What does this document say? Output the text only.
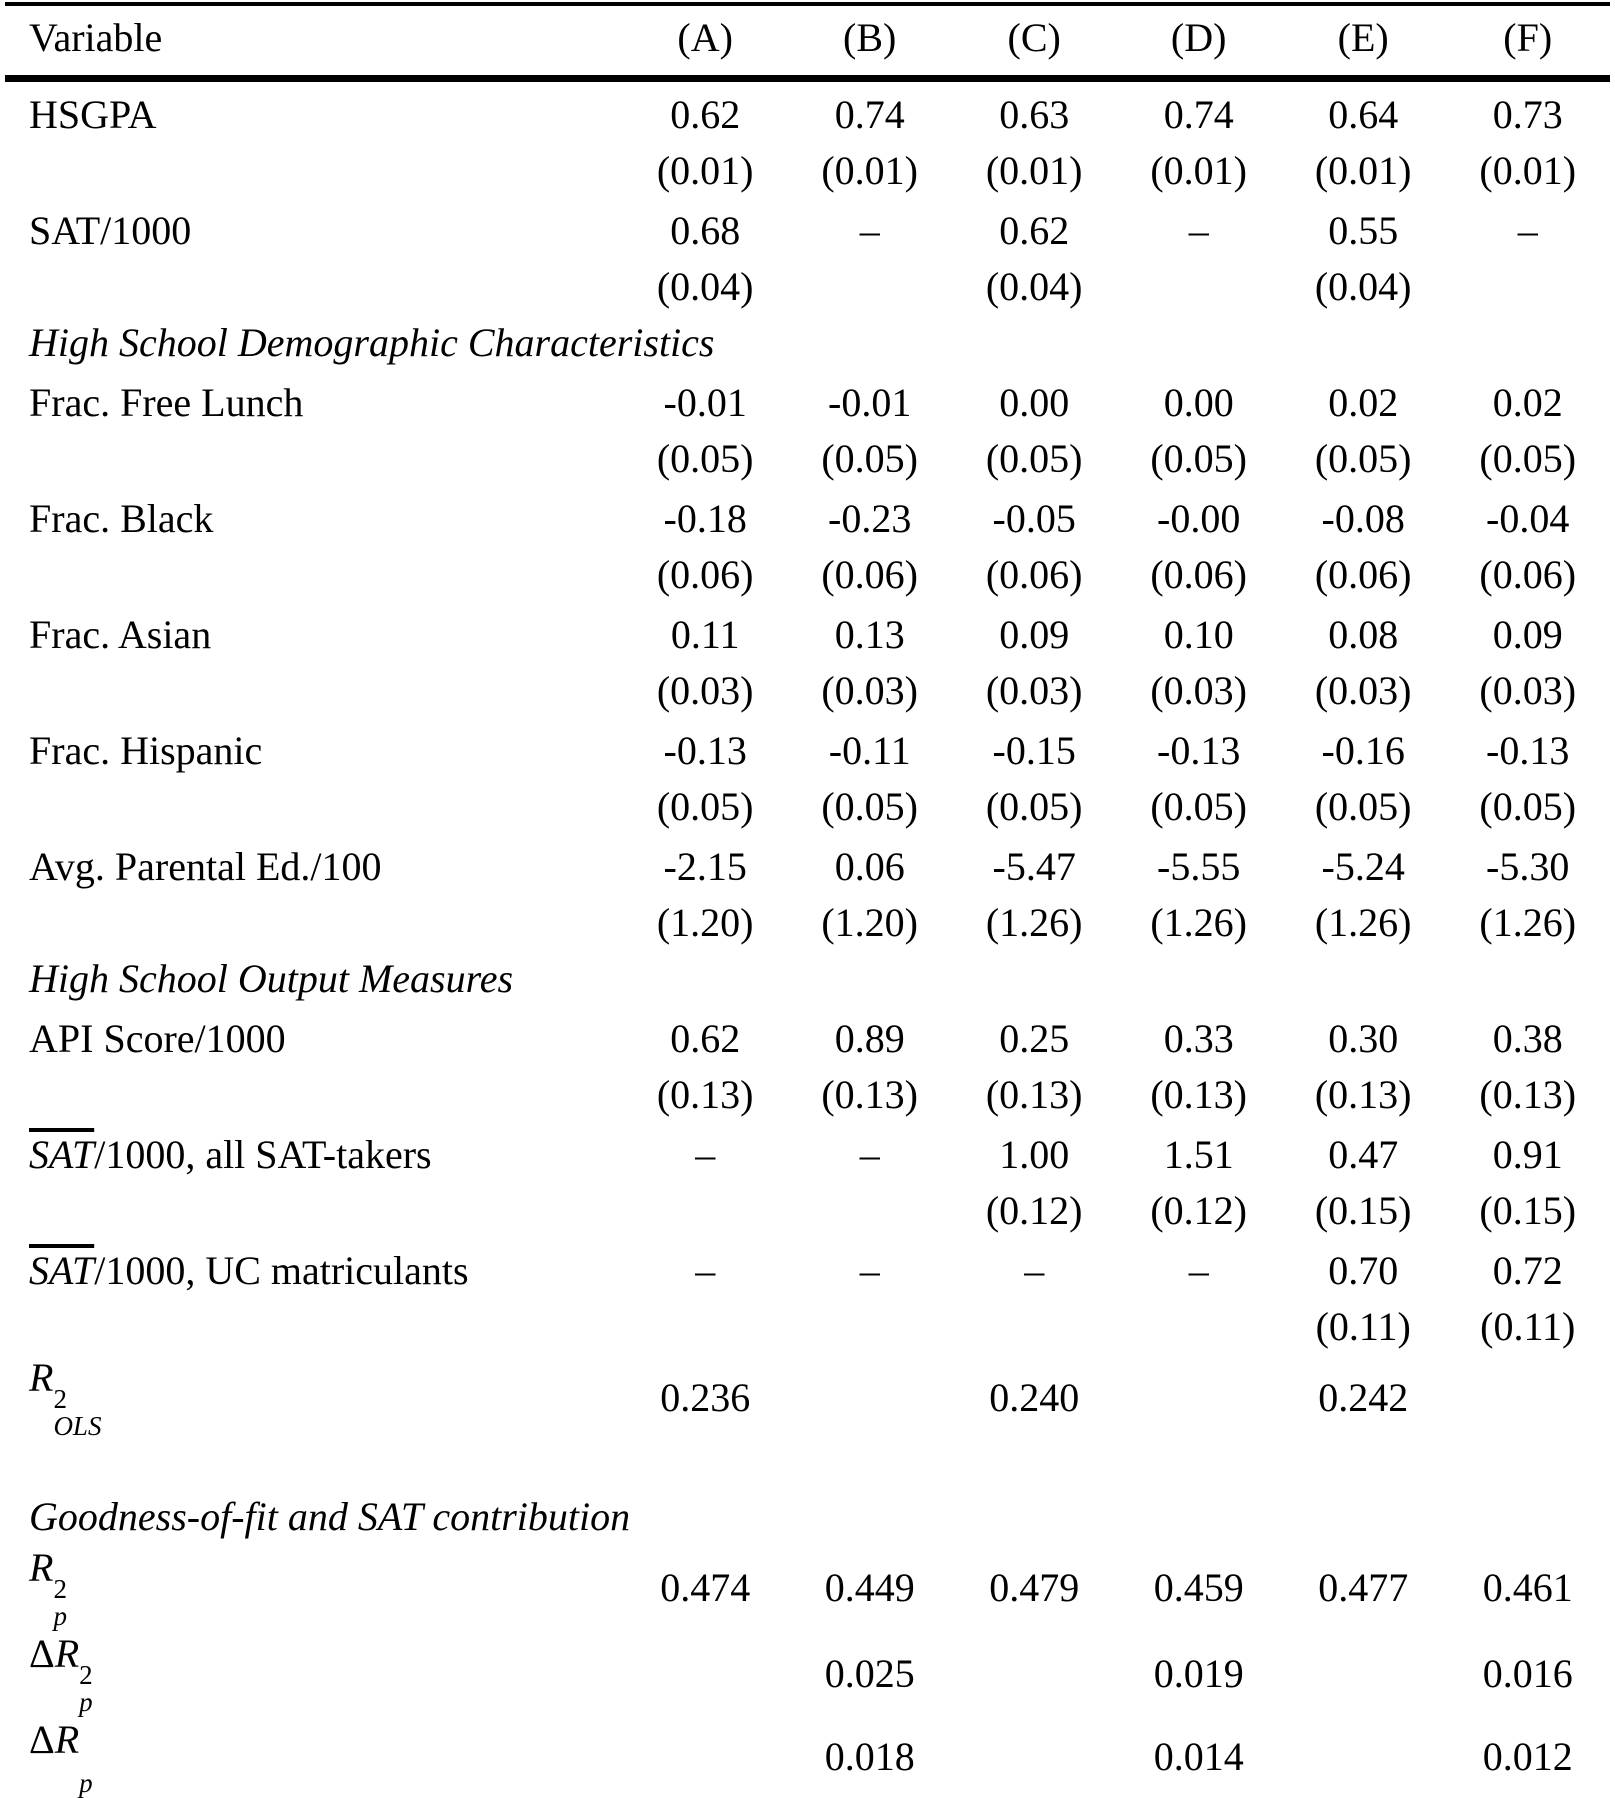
Variable	(A)	(B)	(C)	(D)	(E)	(F)
HSGPA	0.62	0.74	0.63	0.74	0.64	0.73
	(0.01)	(0.01)	(0.01)	(0.01)	(0.01)	(0.01)
SAT/1000	0.68	–	0.62	–	0.55	–
	(0.04)		(0.04)		(0.04)	
High School Demographic Characteristics						
Frac. Free Lunch	-0.01	-0.01	0.00	0.00	0.02	0.02
	(0.05)	(0.05)	(0.05)	(0.05)	(0.05)	(0.05)
Frac. Black	-0.18	-0.23	-0.05	-0.00	-0.08	-0.04
	(0.06)	(0.06)	(0.06)	(0.06)	(0.06)	(0.06)
Frac. Asian	0.11	0.13	0.09	0.10	0.08	0.09
	(0.03)	(0.03)	(0.03)	(0.03)	(0.03)	(0.03)
Frac. Hispanic	-0.13	-0.11	-0.15	-0.13	-0.16	-0.13
	(0.05)	(0.05)	(0.05)	(0.05)	(0.05)	(0.05)
Avg. Parental Ed./100	-2.15	0.06	-5.47	-5.55	-5.24	-5.30
	(1.20)	(1.20)	(1.26)	(1.26)	(1.26)	(1.26)
High School Output Measures						
API Score/1000	0.62	0.89	0.25	0.33	0.30	0.38
	(0.13)	(0.13)	(0.13)	(0.13)	(0.13)	(0.13)
$\overline{SAT}/1000$, all SAT-takers	–	–	1.00	1.51	0.47	0.91
			(0.12)	(0.12)	(0.15)	(0.15)
$\overline{SAT}/1000$, UC matriculants	–	–	–	–	0.70	0.72
					(0.11)	(0.11)
R 2
OLS	0.236		0.240		0.242	

Goodness-of-fit and SAT contribution						
R 2
p	0.474	0.449	0.479	0.459	0.477	0.461
ΔR 2
p		0.025		0.019		0.016
ΔR
p		0.018		0.014		0.012
